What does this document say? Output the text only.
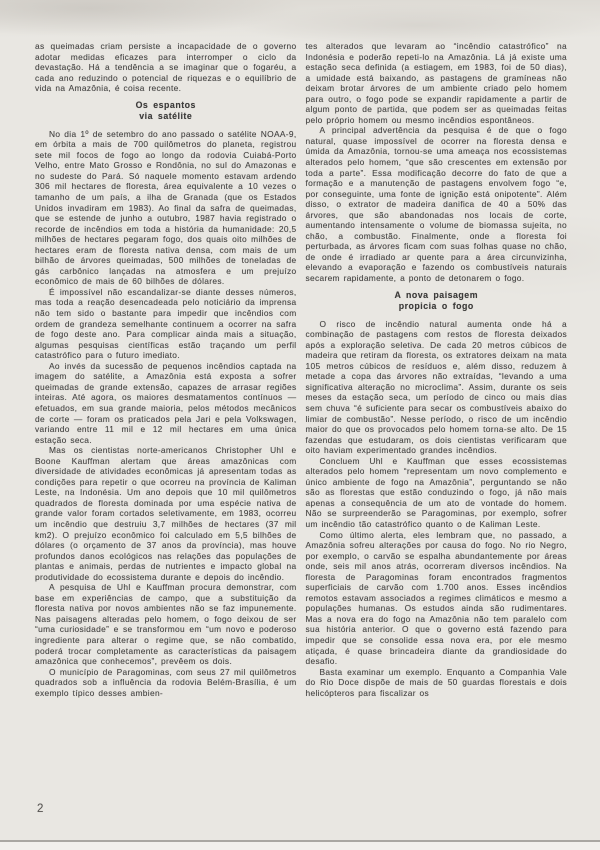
as queimadas criam persiste a incapacidade de o governo adotar medidas eficazes para interromper o ciclo da devastação. Há a tendência a se imaginar que o fogaréu, a cada ano reduzindo o potencial de riquezas e o equilíbrio de vida na Amazônia, é coisa recente.

Os espantos
via satélite

No dia 1º de setembro do ano passado o satélite NOAA-9, em órbita a mais de 700 quilômetros do planeta, registrou sete mil focos de fogo ao longo da rodovia Cuiabá-Porto Velho, entre Mato Grosso e Rondônia, no sul do Amazonas e no sudeste do Pará. Só naquele momento estavam ardendo 306 mil hectares de floresta, área equivalente a 10 vezes o tamanho de um país, a ilha de Granada (que os Estados Unidos invadiram em 1983). Ao final da safra de queimadas, que se estende de junho a outubro, 1987 havia registrado o recorde de incêndios em toda a história da humanidade: 20,5 milhões de hectares pegaram fogo, dos quais oito milhões de hectares eram de floresta nativa densa, com mais de um bilhão de árvores queimadas, 500 milhões de toneladas de gás carbônico lançadas na atmosfera e um prejuízo econômico de mais de 60 bilhões de dólares.

É impossível não escandalizar-se diante desses números, mas toda a reação desencadeada pelo noticiário da imprensa não tem sido o bastante para impedir que incêndios com ordem de grandeza semelhante continuem a ocorrer na safra de fogo deste ano. Para complicar ainda mais a situação, algumas pesquisas científicas estão traçando um perfil catastrófico para o futuro imediato.

Ao invés da sucessão de pequenos incêndios captada na imagem do satélite, a Amazônia está exposta a sofrer queimadas de grande extensão, capazes de arrasar regiões inteiras. Até agora, os maiores desmatamentos contínuos — efetuados, em sua grande maioria, pelos métodos mecânicos de corte — foram os praticados pela Jari e pela Volkswagen, variando entre 11 mil e 12 mil hectares em uma única estação seca.

Mas os cientistas norte-americanos Christopher Uhl e Boone Kauffman alertam que áreas amazônicas com diversidade de atividades econômicas já apresentam todas as condições para repetir o que ocorreu na província de Kaliman Leste, na Indonésia. Um ano depois que 10 mil quilômetros quadrados de floresta dominada por uma espécie nativa de grande valor foram cortados seletivamente, em 1983, ocorreu um incêndio que destruiu 3,7 milhões de hectares (37 mil km2). O prejuízo econômico foi calculado em 5,5 bilhões de dólares (o orçamento de 37 anos da província), mas houve profundos danos ecológicos nas relações das populações de plantas e animais, perdas de nutrientes e impacto global na produtividade do ecossistema durante e depois do incêndio.

A pesquisa de Uhl e Kauffman procura demonstrar, com base em experiências de campo, que a substituição da floresta nativa por novos ambientes não se faz impunemente. Nas paisagens alteradas pelo homem, o fogo deixou de ser “uma curiosidade” e se transformou em “um novo e poderoso ingrediente para alterar o regime que, se não combatido, poderá trocar completamente as características da paisagem amazônica que conhecemos”, prevêem os dois.

O município de Paragominas, com seus 27 mil quilômetros quadrados sob a influência da rodovia Belém-Brasília, é um exemplo típico desses ambien-

tes alterados que levaram ao “incêndio catastrófico” na Indonésia e poderão repeti-lo na Amazônia. Lá já existe uma estação seca definida (a estiagem, em 1983, foi de 50 dias), a umidade está baixando, as pastagens de gramíneas não deixam brotar árvores de um ambiente criado pelo homem para outro, o fogo pode se expandir rapidamente a partir de algum ponto de partida, que podem ser as queimadas feitas pelo próprio homem ou mesmo incêndios espontâneos.

A principal advertência da pesquisa é de que o fogo natural, quase impossível de ocorrer na floresta densa e úmida da Amazônia, tornou-se uma ameaça nos ecossistemas alterados pelo homem, “que são crescentes em extensão por toda a parte”. Essa modificação decorre do fato de que a formação e a manutenção de pastagens envolvem fogo “e, por conseguinte, uma fonte de ignição está onipotente”. Além disso, o extrator de madeira danifica de 40 a 50% das árvores, que são abandonadas nos locais de corte, aumentando intensamente o volume de biomassa sujeita, no chão, a combustão. Finalmente, onde a floresta foi perturbada, as árvores ficam com suas folhas quase no chão, de onde é irradiado ar quente para a área circunvizinha, elevando a evaporação e fazendo os combustíveis naturais secarem rapidamente, a ponto de detonarem o fogo.

A nova paisagem
propicia o fogo

O risco de incêndio natural aumenta onde há a combinação de pastagens com restos de floresta deixados após a exploração seletiva. De cada 20 metros cúbicos de madeira que retiram da floresta, os extratores deixam na mata 105 metros cúbicos de resíduos e, além disso, reduzem à metade a copa das árvores não extraídas, “levando a uma significativa alteração no microclima”. Assim, durante os seis meses da estação seca, um período de cinco ou mais dias sem chuva “é suficiente para secar os combustíveis abaixo do limiar de combustão”. Nesse período, o risco de um incêndio maior do que os provocados pelo homem torna-se alto. De 15 fazendas que estudaram, os dois cientistas verificaram que oito haviam experimentado grandes incêndios.

Concluem Uhl e Kauffman que esses ecossistemas alterados pelo homem “representam um novo complemento e único ambiente de fogo na Amazônia”, perguntando se não são as florestas que estão conduzindo o fogo, já não mais apenas a consequência de um ato de vontade do homem. Não se surpreenderão se Paragominas, por exemplo, sofrer um incêndio tão catastrófico quanto o de Kaliman Leste.

Como último alerta, eles lembram que, no passado, a Amazônia sofreu alterações por causa do fogo. No rio Negro, por exemplo, o carvão se espalha abundantemente por áreas onde, seis mil anos atrás, ocorreram diversos incêndios. Na floresta de Paragominas foram encontrados fragmentos superficiais de carvão com 1.700 anos. Esses incêndios remotos estavam associados a regimes climáticos e mesmo a populações humanas. Os estudos ainda são rudimentares. Mas a nova era do fogo na Amazônia não tem paralelo com sua história anterior. O que o governo está fazendo para impedir que se consolide essa nova era, por ele mesmo atiçada, é quase brincadeira diante da grandiosidade do desafio.

Basta examinar um exemplo. Enquanto a Companhia Vale do Rio Doce dispõe de mais de 50 guardas florestais e dois helicópteros para fiscalizar os

2
